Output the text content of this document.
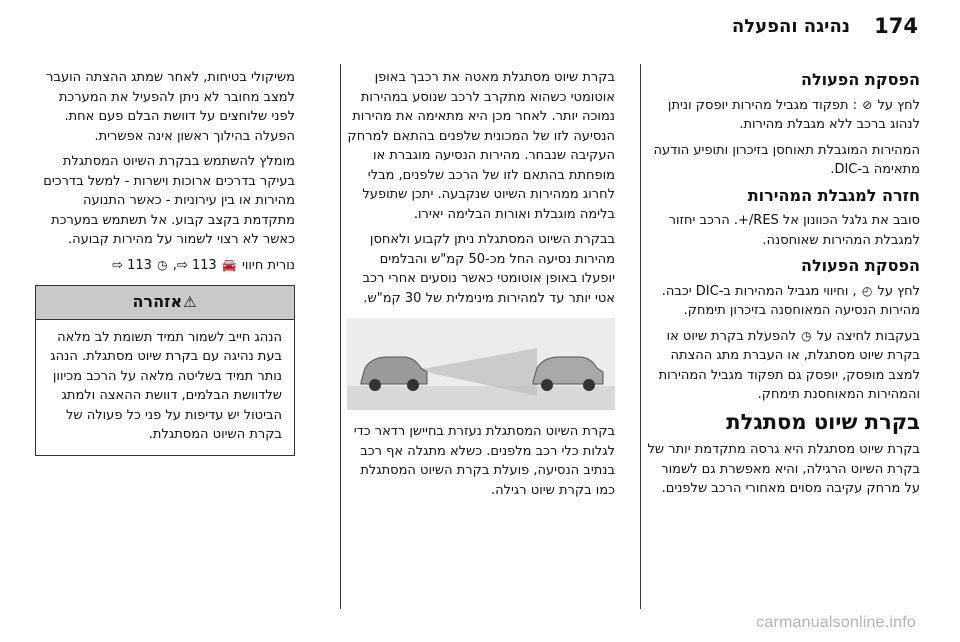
174
נהיגה והפעלה
הפסקת הפעולה

לחץ על ⊘ : תפקוד מגביל מהירות יופסק וניתן לנהוג ברכב ללא מגבלת מהירות.

המהירות המוגבלת תאוחסן בזיכרון ותופיע הודעה מתאימה ב-DIC.

חזרה למגבלת המהירות

סובב את גלגל הכוונון אל RES/+. הרכב יחזור למגבלת המהירות שאוחסנה.

הפסקת הפעולה

לחץ על ◴ , וחיווי מגביל המהירות ב-DIC יכבה. מהירות הנסיעה המאוחסנה בזיכרון תימחק.

בעקבות לחיצה על ◷ להפעלת בקרת שיוט או בקרת שיוט מסתגלת, או העברת מתג ההצתה למצב מופסק, יופסק גם תפקוד מגביל המהירות והמהירות המאוחסנת תימחק.

בקרת שיוט מסתגלת

בקרת שיוט מסתגלת היא גרסה מתקדמת יותר של בקרת השיוט הרגילה, והיא מאפשרת גם לשמור על מרחק עקיבה מסוים מאחורי הרכב שלפנים.

בקרת שיוט מסתגלת מאטה את רכבך באופן אוטומטי כשהוא מתקרב לרכב שנוסע במהירות נמוכה יותר. לאחר מכן היא מתאימה את מהירות הנסיעה לזו של המכונית שלפנים בהתאם למרחק העקיבה שנבחר. מהירות הנסיעה מוגברת או מופחתת בהתאם לזו של הרכב שלפנים, מבלי לחרוג ממהירות השיוט שנקבעה. יתכן שתופעל בלימה מוגבלת ואורות הבלימה יאירו.

בבקרת השיוט המסתגלת ניתן לקבוע ולאחסן מהירות נסיעה החל מכ-50 קמ"ש והבלמים יופעלו באופן אוטומטי כאשר נוסעים אחרי רכב אטי יותר עד למהירות מינימלית של 30 קמ"ש.

בקרת השיוט המסתגלת נעזרת בחיישן רדאר כדי לגלות כלי רכב מלפנים. כשלא מתגלה אף רכב בנתיב הנסיעה, פועלת בקרת השיוט המסתגלת כמו בקרת שיוט רגילה.

משיקולי בטיחות, לאחר שמתג ההצתה הועבר למצב מחובר לא ניתן להפעיל את המערכת לפני שלוחצים על דוושת הבלם פעם אחת. הפעלה בהילוך ראשון אינה אפשרית.

מומלץ להשתמש בבקרת השיוט המסתגלת בעיקר בדרכים ארוכות וישרות - למשל בדרכים מהירות או בין עירוניות - כאשר התנועה מתקדמת בקצב קבוע. אל תשתמש במערכת כאשר לא רצוי לשמור על מהירות קבועה.

נורית חיווי 🚘 113 ⇨, ◷ 113 ⇨

⚠אזהרה
הנהג חייב לשמור תמיד תשומת לב מלאה בעת נהיגה עם בקרת שיוט מסתגלת. הנהג נותר תמיד בשליטה מלאה על הרכב מכיוון שלדוושת הבלמים, דוושת ההאצה ולמתג הביטול יש עדיפות על פני כל פעולה של בקרת השיוט המסתגלת.
carmanualsonline.info
